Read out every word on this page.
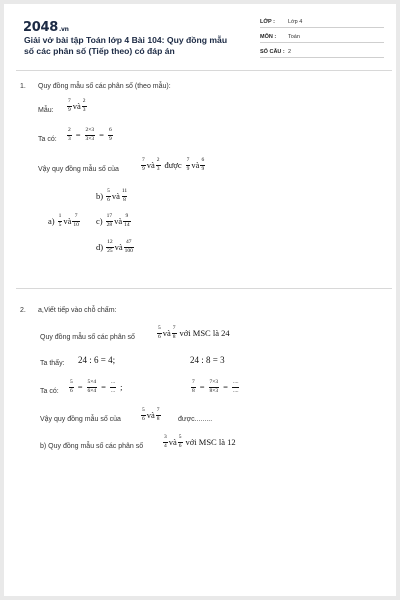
2048.vn
Giải vở bài tập Toán lớp 4 Bài 104: Quy đồng mẫu số các phân số (Tiếp theo) có đáp án
LỚP : Lớp 4
MÔN : Toán
SỐ CÂU : 2
1. Quy đồng mẫu số các phân số (theo mẫu):
Mẫu: $\frac{7}{9}$ và $\frac{2}{3}$
Ta có: $\frac{2}{3} = \frac{2\times 3}{3\times 3} = \frac{6}{9}$
Vậy quy đồng mẫu số của	$\frac{7}{9}$ và $\frac{2}{3}$ được $\frac{7}{9}$ và $\frac{6}{9}$
$b) \frac{5}{6}$ và $\frac{11}{8}$
$a) \frac{1}{5}$ và $\frac{7}{10} c) \frac{17}{28}$ và $\frac{9}{14}$
$d) \frac{12}{25}$ và $\frac{47}{100}$
2. a,Viết tiếp vào chỗ chấm:
Quy đồng mẫu số các phân số	$\frac{5}{6}$ và $\frac{7}{8}$ với MSC là 24
Ta thấy: 24 : 6 = 4;	24 : 8 = 3
Ta có: $\frac{5}{6} = \frac{5\times 4}{6\times 4} = \frac{...}{...}$ ;	$\frac{7}{8} = \frac{7\times 3}{8\times 3} = \frac{....}{....}$
Vậy quy đồng mẫu số của	$\frac{5}{6}$ và $\frac{7}{8}$ được.........
b) Quy đồng mẫu số các phân số	$\frac{3}{4}$ và $\frac{5}{6}$ với MSC là 12
